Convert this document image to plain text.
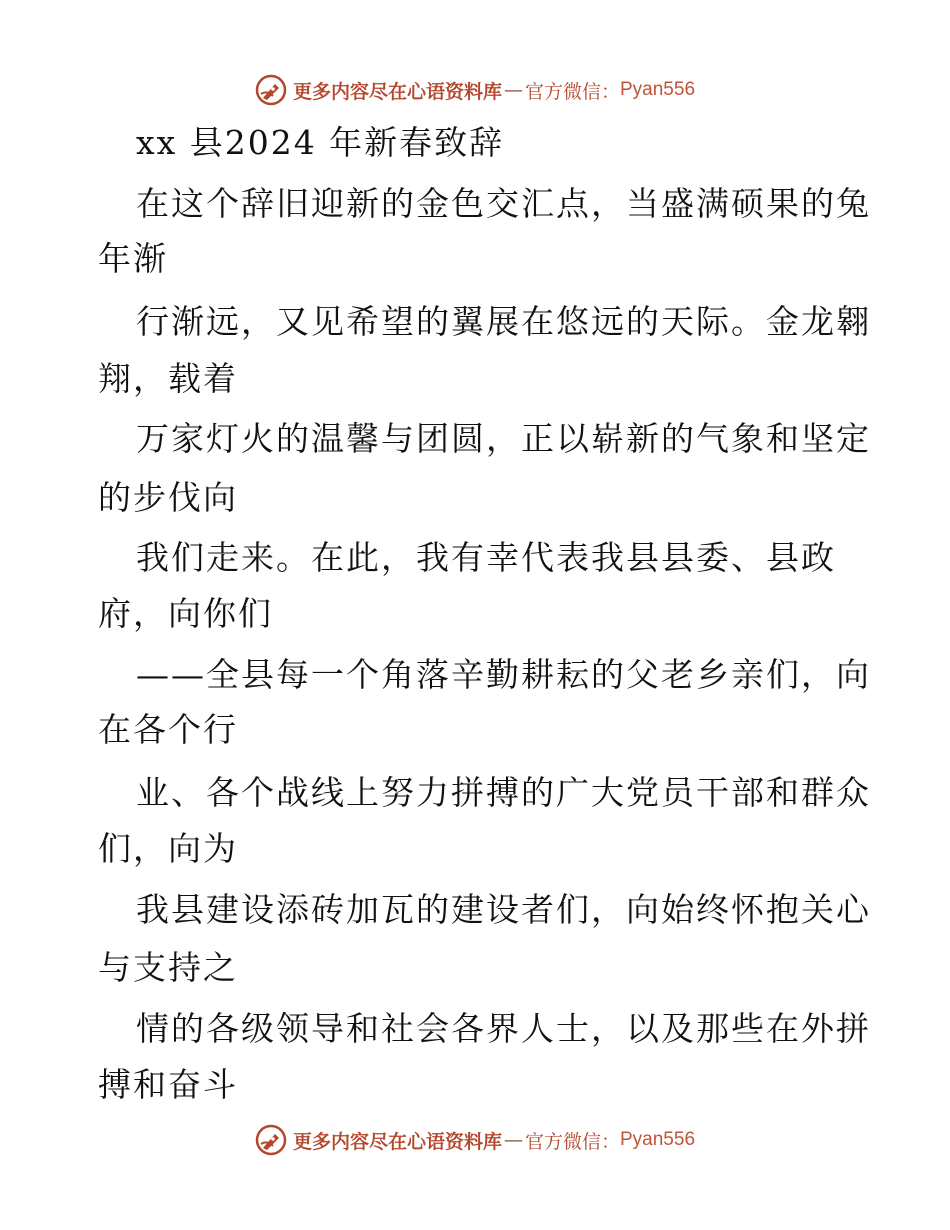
更多内容尽在心语资料库 — 官方微信： Pyan556
xx 县2024 年新春致辞
在这个辞旧迎新的金色交汇点，当盛满硕果的兔
年渐
行渐远，又见希望的翼展在悠远的天际。金龙翱
翔，载着
万家灯火的温馨与团圆，正以崭新的气象和坚定
的步伐向
我们走来。在此，我有幸代表我县县委、县政
府，向你们
——全县每一个角落辛勤耕耘的父老乡亲们，向
在各个行
业、各个战线上努力拼搏的广大党员干部和群众
们，向为
我县建设添砖加瓦的建设者们，向始终怀抱关心
与支持之
情的各级领导和社会各界人士，以及那些在外拼
搏和奋斗
更多内容尽在心语资料库 — 官方微信： Pyan556
